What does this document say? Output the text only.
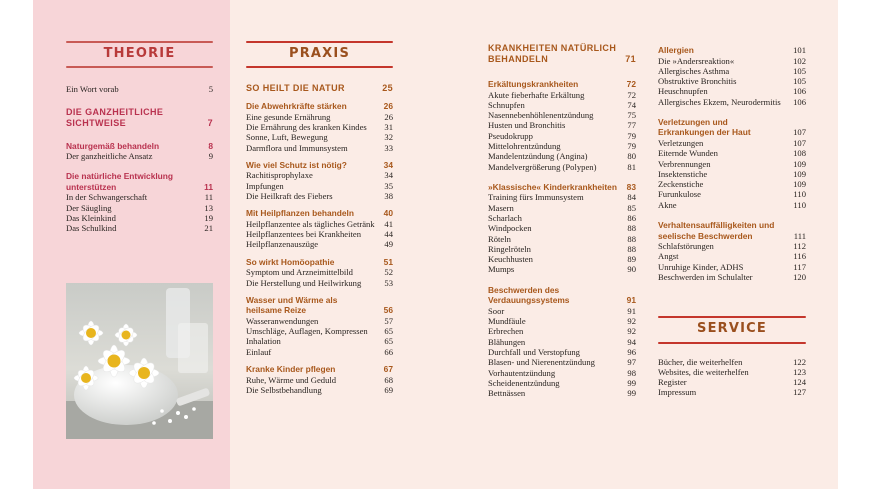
THEORIE
Ein Wort vorab	5
DIE GANZHEITLICHE
SICHTWEISE	7
Naturgemäß behandeln	8
Der ganzheitliche Ansatz	9
Die natürliche Entwicklung
unterstützen	11
In der Schwangerschaft	11
Der Säugling	13
Das Kleinkind	19
Das Schulkind	21
PRAXIS
SO HEILT DIE NATUR	25
Die Abwehrkräfte stärken	26
Eine gesunde Ernährung	26
Die Ernährung des kranken Kindes	31
Sonne, Luft, Bewegung	32
Darmflora und Immunsystem	33
Wie viel Schutz ist nötig?	34
Rachitisprophylaxe	34
Impfungen	35
Die Heilkraft des Fiebers	38
Mit Heilpflanzen behandeln	40
Heilpflanzentee als tägliches Getränk	41
Heilpflanzentees bei Krankheiten	44
Heilpflanzenauszüge	49
So wirkt Homöopathie	51
Symptom und Arzneimittelbild	52
Die Herstellung und Heilwirkung	53
Wasser und Wärme als
heilsame Reize	56
Wasseranwendungen	57
Umschläge, Auflagen, Kompressen	65
Inhalation	65
Einlauf	66
Kranke Kinder pflegen	67
Ruhe, Wärme und Geduld	68
Die Selbstbehandlung	69
KRANKHEITEN NATÜRLICH
BEHANDELN	71
Erkältungskrankheiten	72
Akute fieberhafte Erkältung	72
Schnupfen	74
Nasennebenhöhlenentzündung	75
Husten und Bronchitis	77
Pseudokrupp	79
Mittelohrentzündung	79
Mandelentzündung (Angina)	80
Mandelvergrößerung (Polypen)	81
»Klassische« Kinderkrankheiten	83
Training fürs Immunsystem	84
Masern	85
Scharlach	86
Windpocken	88
Röteln	88
Ringelröteln	88
Keuchhusten	89
Mumps	90
Beschwerden des
Verdauungssystems	91
Soor	91
Mundfäule	92
Erbrechen	92
Blähungen	94
Durchfall und Verstopfung	96
Blasen- und Nierenentzündung	97
Vorhautentzündung	98
Scheidenentzündung	99
Bettnässen	99
Allergien	101
Die »Andersreaktion«	102
Allergisches Asthma	105
Obstruktive Bronchitis	105
Heuschnupfen	106
Allergisches Ekzem, Neurodermitis	106
Verletzungen und
Erkrankungen der Haut	107
Verletzungen	107
Eiternde Wunden	108
Verbrennungen	109
Insektenstiche	109
Zeckenstiche	109
Furunkulose	110
Akne	110
Verhaltensauffälligkeiten und
seelische Beschwerden	111
Schlafstörungen	112
Angst	116
Unruhige Kinder, ADHS	117
Beschwerden im Schulalter	120
SERVICE
Bücher, die weiterhelfen	122
Websites, die weiterhelfen	123
Register	124
Impressum	127
